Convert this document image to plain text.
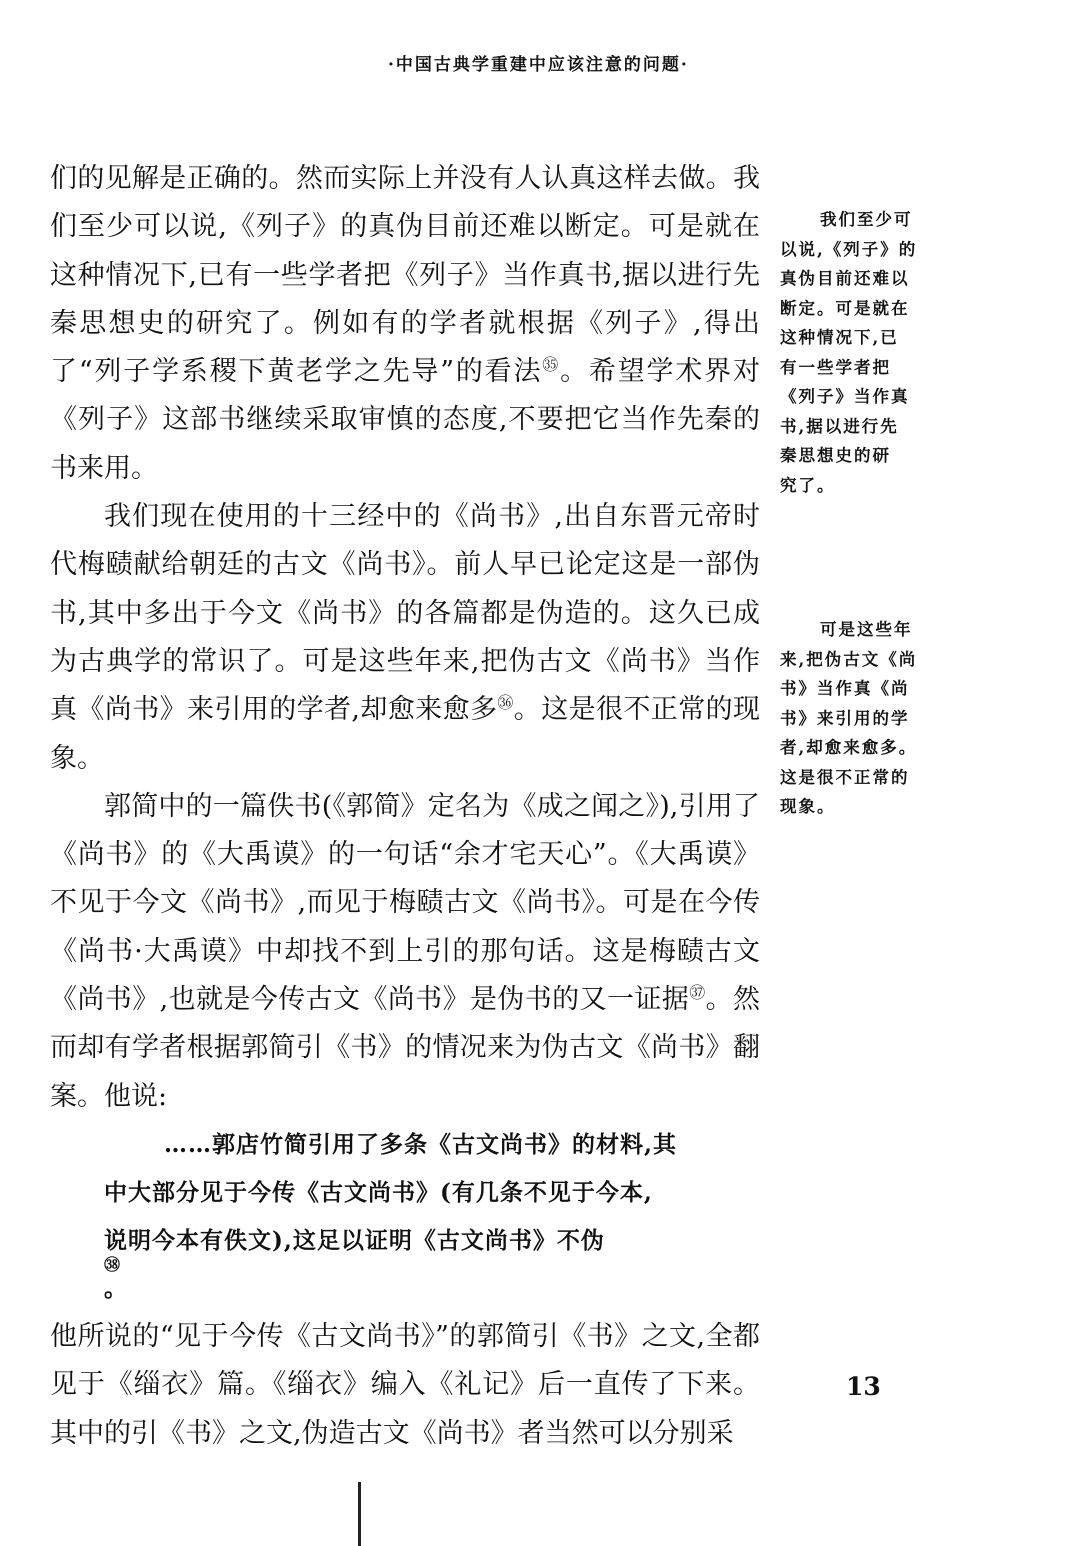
·中国古典学重建中应该注意的问题·

们的见解是正确的。然而实际上并没有人认真这样去做。我们至少可以说,《列子》的真伪目前还难以断定。可是就在这种情况下,已有一些学者把《列子》当作真书,据以进行先秦思想史的研究了。例如有的学者就根据《列子》,得出了“列子学系稷下黄老学之先导”的看法$^㉟$。希望学术界对《列子》这部书继续采取审慎的态度,不要把它当作先秦的书来用。

我们现在使用的十三经中的《尚书》,出自东晋元帝时代梅赜献给朝廷的古文《尚书》。前人早已论定这是一部伪书,其中多出于今文《尚书》的各篇都是伪造的。这久已成为古典学的常识了。可是这些年来,把伪古文《尚书》当作真《尚书》来引用的学者,却愈来愈多$^㊱$。这是很不正常的现象。

郭简中的一篇佚书(《郭简》定名为《成之闻之》),引用了《尚书》的《大禹谟》的一句话“余才宅天心”。《大禹谟》不见于今文《尚书》,而见于梅赜古文《尚书》。可是在今传《尚书·大禹谟》中却找不到上引的那句话。这是梅赜古文《尚书》,也就是今传古文《尚书》是伪书的又一证据$^㊲$。然而却有学者根据郭简引《书》的情况来为伪古文《尚书》翻案。他说:

……郭店竹简引用了多条《古文尚书》的材料,其
中大部分见于今传《古文尚书》(有几条不见于今本,
说明今本有佚文),这足以证明《古文尚书》不伪
㊳
。

他所说的“见于今传《古文尚书》”的郭简引《书》之文,全都见于《缁衣》篇。《缁衣》编入《礼记》后一直传了下来。其中的引《书》之文,伪造古文《尚书》者当然可以分别采

我们至少可
以说,《列子》的
真伪目前还难以
断定。可是就在
这种情况下,已
有一些学者把
《列子》当作真
书,据以进行先
秦思想史的研
究了。
可是这些年
来,把伪古文《尚
书》当作真《尚
书》来引用的学
者,却愈来愈多。
这是很不正常的
现象。
13
